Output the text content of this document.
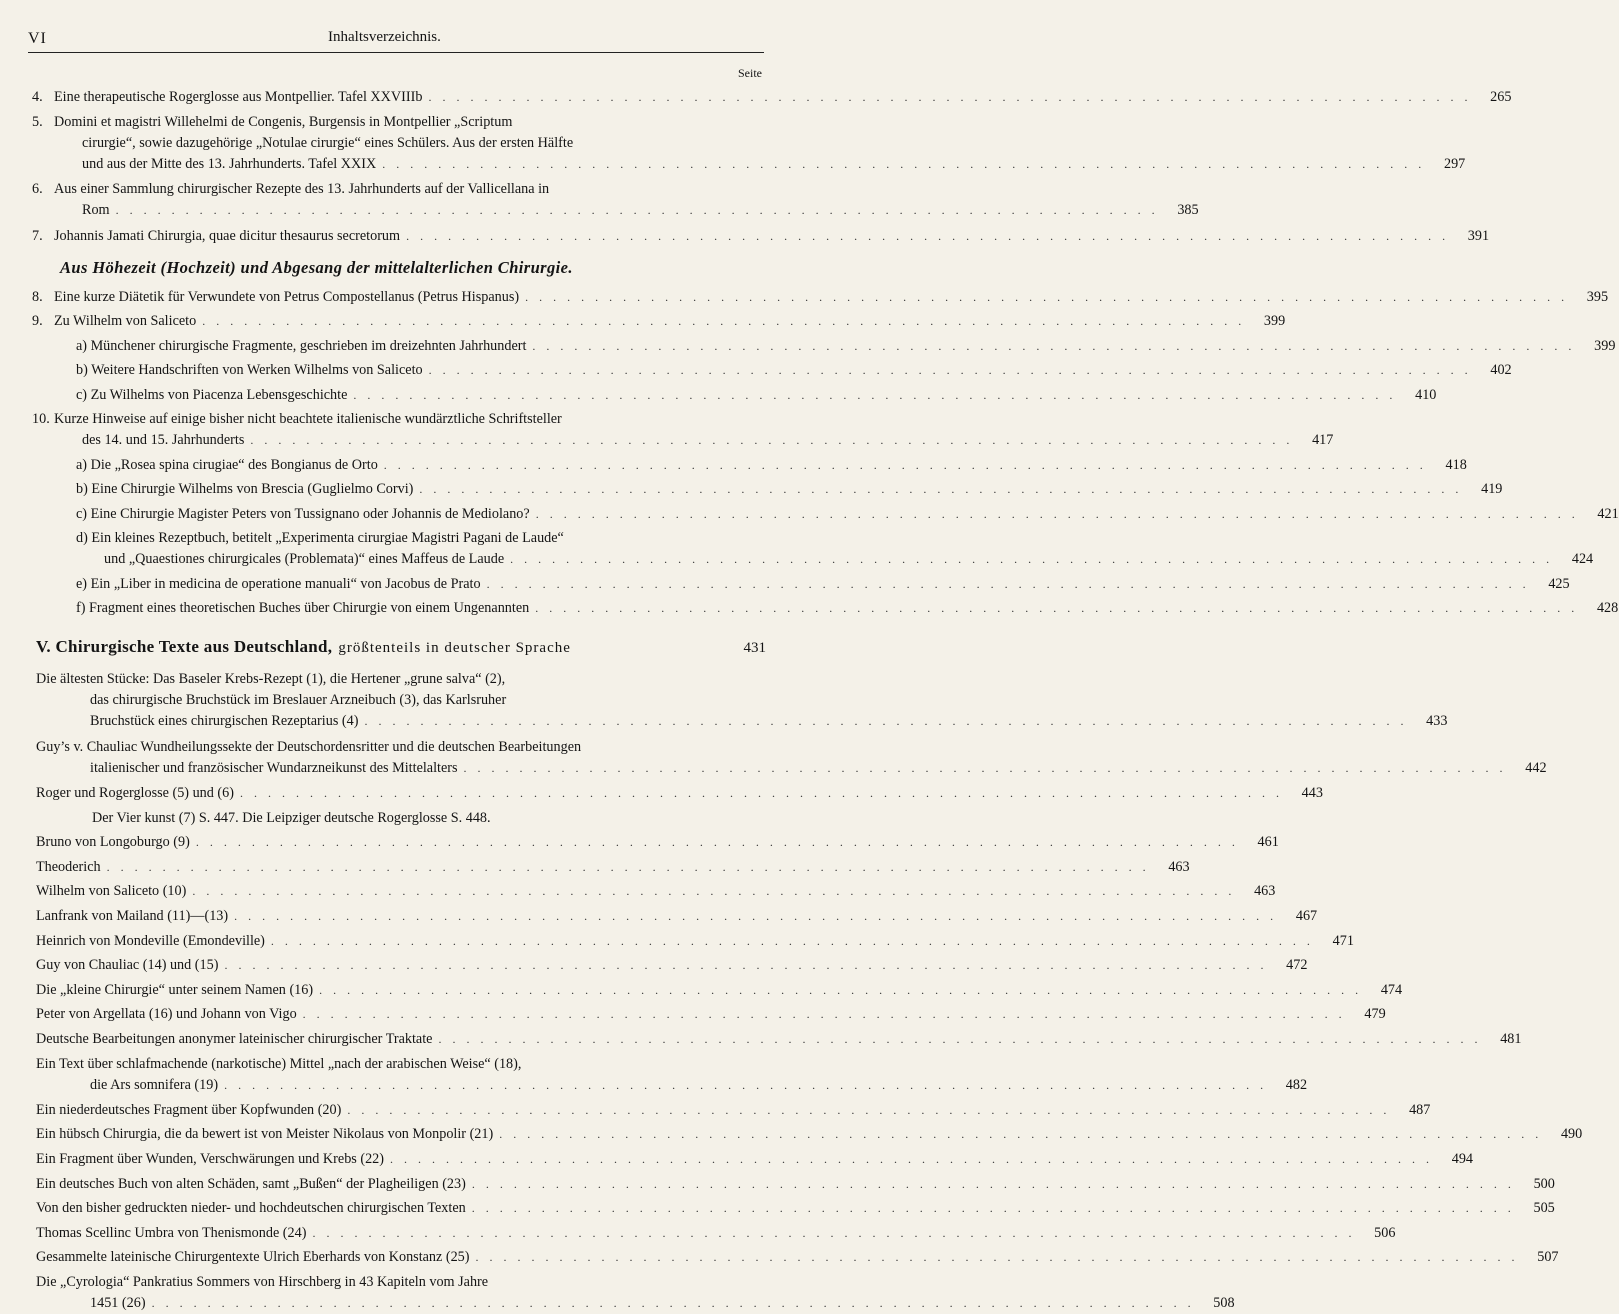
VI	Inhaltsverzeichnis.
Seite
4. Eine therapeutische Rogerglosse aus Montpellier. Tafel XXVIIIb . . .	265
5. Domini et magistri Willehelmi de Congenis, Burgensis in Montpellier „Scriptum
cirurgie“, sowie dazugehörige „Notulae cirurgie“ eines Schülers. Aus der ersten Hälfte
und aus der Mitte des 13. Jahrhunderts. Tafel XXIX . . .	297
6. Aus einer Sammlung chirurgischer Rezepte des 13. Jahrhunderts auf der Vallicellana in
Rom . . .	385
7. Johannis Jamati Chirurgia, quae dicitur thesaurus secretorum . . .	391
Aus Höhezeit (Hochzeit) und Abgesang der mittelalterlichen Chirurgie.
8. Eine kurze Diätetik für Verwundete von Petrus Compostellanus (Petrus Hispanus) . . .	395
9. Zu Wilhelm von Saliceto . . .	399
a) Münchener chirurgische Fragmente, geschrieben im dreizehnten Jahrhundert . . .	399
b) Weitere Handschriften von Werken Wilhelms von Saliceto . . .	402
c) Zu Wilhelms von Piacenza Lebensgeschichte . . .	410
10. Kurze Hinweise auf einige bisher nicht beachtete italienische wundärztliche Schriftsteller
des 14. und 15. Jahrhunderts . . .	417
a) Die „Rosea spina cirugiae“ des Bongianus de Orto . . .	418
b) Eine Chirurgie Wilhelms von Brescia (Guglielmo Corvi) . . .	419
c) Eine Chirurgie Magister Peters von Tussignano oder Johannis de Mediolano? . . .	421
d) Ein kleines Rezeptbuch, betitelt „Experimenta cirurgiae Magistri Pagani de Laude“
und „Quaestiones chirurgicales (Problemata)“ eines Maffeus de Laude . . .	424
e) Ein „Liber in medicina de operatione manuali“ von Jacobus de Prato . . .	425
f) Fragment eines theoretischen Buches über Chirurgie von einem Ungenannten . . .	428
V. Chirurgische Texte aus Deutschland, größtenteils in deutscher Sprache	431
Die ältesten Stücke: Das Baseler Krebs-Rezept (1), die Hertener „grune salva“ (2),
das chirurgische Bruchstück im Breslauer Arzneibuch (3), das Karlsruher
Bruchstück eines chirurgischen Rezeptarius (4) . . .	433
Guy’s v. Chauliac Wundheilungssekte der Deutschordensritter und die deutschen Bearbeitungen
italienischer und französischer Wundarzneikunst des Mittelalters . . .	442
Roger und Rogerglosse (5) und (6) . . .	443
Der Vier kunst (7) S. 447. Die Leipziger deutsche Rogerglosse S. 448.
Bruno von Longoburgo (9) . . .	461
Theoderich . . .	463
Wilhelm von Saliceto (10) . . .	463
Lanfrank von Mailand (11)—(13) . . .	467
Heinrich von Mondeville (Emondeville) . . .	471
Guy von Chauliac (14) und (15) . . .	472
Die „kleine Chirurgie“ unter seinem Namen (16) . . .	474
Peter von Argellata (16) und Johann von Vigo . . .	479
Deutsche Bearbeitungen anonymer lateinischer chirurgischer Traktate . . .	481
Ein Text über schlafmachende (narkotische) Mittel „nach der arabischen Weise“ (18),
die Ars somnifera (19) . . .	482
Ein niederdeutsches Fragment über Kopfwunden (20) . . .	487
Ein hübsch Chirurgia, die da bewert ist von Meister Nikolaus von Monpolir (21) . . .	490
Ein Fragment über Wunden, Verschwärungen und Krebs (22) . . .	494
Ein deutsches Buch von alten Schäden, samt „Bußen“ der Plagheiligen (23) . . .	500
Von den bisher gedruckten nieder- und hochdeutschen chirurgischen Texten . . .	505
Thomas Scellinc Umbra von Thenismonde (24) . . .	506
Gesammelte lateinische Chirurgentexte Ulrich Eberhards von Konstanz (25) . . .	507
Die „Cyrologia“ Pankratius Sommers von Hirschberg in 43 Kapiteln vom Jahre
1451 (26) . . .	508
